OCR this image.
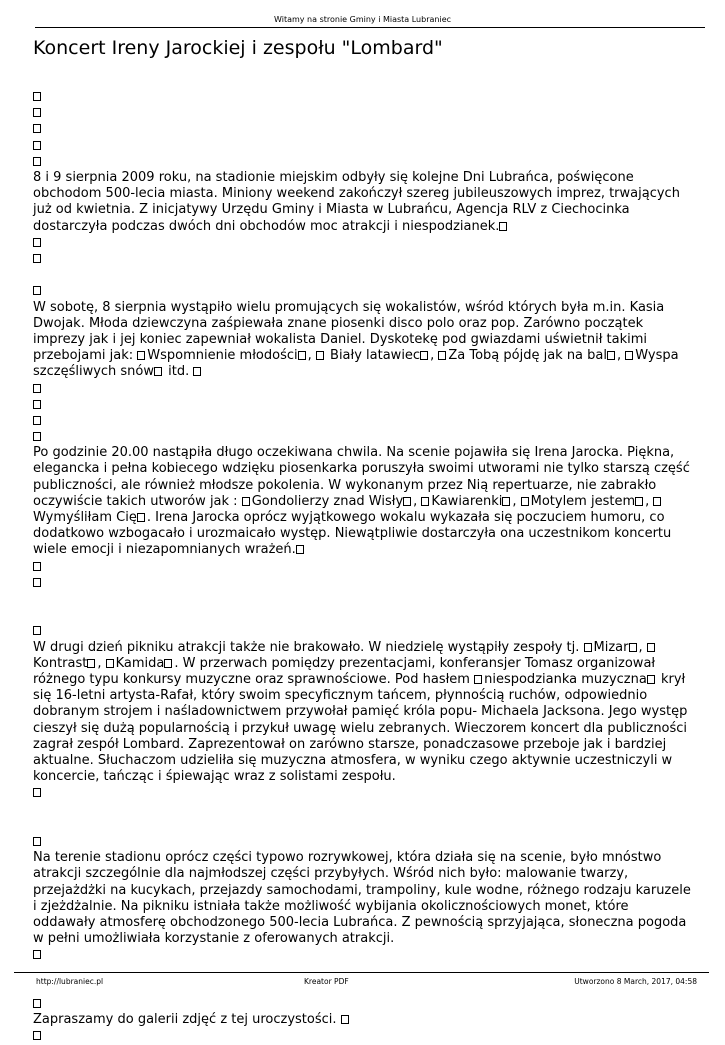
Witamy na stronie Gminy i Miasta Lubraniec
Koncert Ireny Jarockiej i zespołu "Lombard"

8 i 9 sierpnia 2009 roku, na stadionie miejskim odbyły się kolejne Dni Lubrańca, poświęcone obchodom 500-lecia miasta. Miniony weekend zakończył szereg jubileuszowych imprez, trwających już od kwietnia. Z inicjatywy Urzędu Gminy i Miasta w Lubrańcu, Agencja RLV z Ciechocinka dostarczyła podczas dwóch dni obchodów moc atrakcji i niespodzianek.

W sobotę, 8 sierpnia wystąpiło wielu promujących się wokalistów, wśród których była m.in. Kasia Dwojak. Młoda dziewczyna zaśpiewała znane piosenki disco polo oraz pop. Zarówno początek imprezy jak i jej koniec zapewniał wokalista Daniel. Dyskotekę pod gwiazdami uświetnił takimi przebojami jak: Wspomnienie młodości ,  Biały latawiec , Za Tobą pójdę jak na bal , Wyspa szczęśliwych snów itd.

Po godzinie 20.00 nastąpiła długo oczekiwana chwila. Na scenie pojawiła się Irena Jarocka. Piękna, elegancka i pełna kobiecego wdzięku piosenkarka poruszyła swoimi utworami nie tylko starszą część publiczności, ale również młodsze pokolenia. W wykonanym przez Nią repertuarze, nie zabrakło oczywiście takich utworów jak : Gondolierzy znad Wisły , Kawiarenki , Motylem jestem , Wymyśliłam Cię . Irena Jarocka oprócz wyjątkowego wokalu wykazała się poczuciem humoru, co dodatkowo wzbogacało i urozmaicało występ. Niewątpliwie dostarczyła ona uczestnikom koncertu wiele emocji i niezapomnianych wrażeń.

W drugi dzień pikniku atrakcji także nie brakowało. W niedzielę wystąpiły zespoły tj. Mizar , Kontrast , Kamida . W przerwach pomiędzy prezentacjami, konferansjer Tomasz organizował różnego typu konkursy muzyczne oraz sprawnościowe. Pod hasłem niespodzianka muzyczna krył się 16-letni artysta-Rafał, który swoim specyficznym tańcem, płynnością ruchów, odpowiednio dobranym strojem i naśladownictwem przywołał pamięć króla popu- Michaela Jacksona. Jego występ cieszył się dużą popularnością i przykuł uwagę wielu zebranych. Wieczorem koncert dla publiczności zagrał zespół Lombard. Zaprezentował on zarówno starsze, ponadczasowe przeboje jak i bardziej aktualne. Słuchaczom udzieliła się muzyczna atmosfera, w wyniku czego aktywnie uczestniczyli w koncercie, tańcząc i śpiewając wraz z solistami zespołu.

Na terenie stadionu oprócz części typowo rozrywkowej, która działa się na scenie, było mnóstwo atrakcji szczególnie dla najmłodszej części przybyłych. Wśród nich było: malowanie twarzy, przejażdżki na kucykach, przejazdy samochodami, trampoliny, kule wodne, różnego rodzaju karuzele i zjeżdżalnie. Na pikniku istniała także możliwość wybijania okolicznościowych monet, które oddawały atmosferę obchodzonego 500-lecia Lubrańca. Z pewnością sprzyjająca, słoneczna pogoda w pełni umożliwiała korzystanie z oferowanych atrakcji.

Zapraszamy do galerii zdjęć z tej uroczystości.

http://lubraniec.pl	Kreator PDF	Utworzono 8 March, 2017, 04:58
